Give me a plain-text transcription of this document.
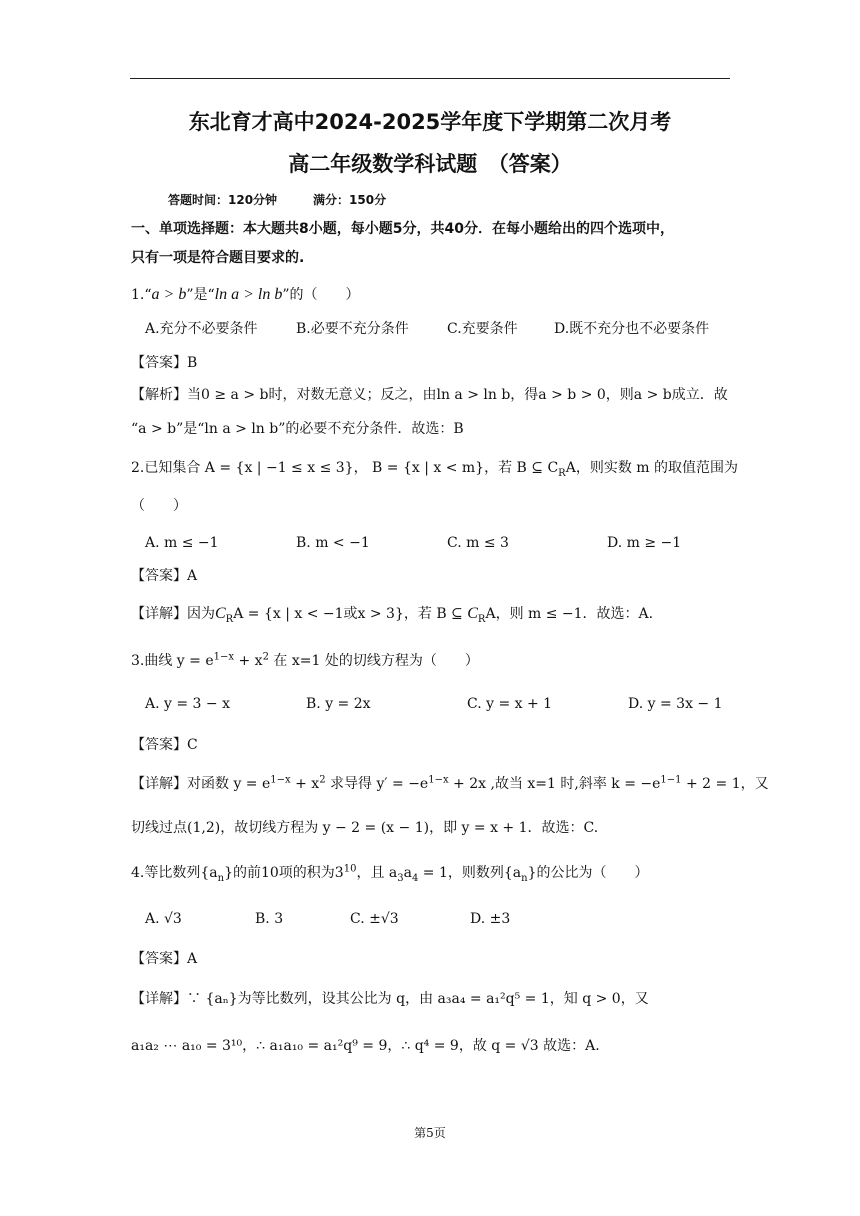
东北育才高中2024-2025学年度下学期第二次月考
高二年级数学科试题　（答案）
答题时间：120分钟　　　满分：150分
一、单项选择题：本大题共8小题，每小题5分，共40分．在每小题给出的四个选项中，
只有一项是符合题目要求的.
1.“a > b”是“ln a > ln b”的（　　）
A.充分不必要条件	B.必要不充分条件	C.充要条件	D.既不充分也不必要条件
【答案】B
【解析】当0 ≥ a > b时，对数无意义；反之，由ln a > ln b，得a > b > 0，则a > b成立．故
“a > b”是“ln a > ln b”的必要不充分条件．故选：B
2.已知集合 A = {x | −1 ≤ x ≤ 3}， B = {x | x < m}，若 B ⊆ $C_RA$，则实数 m 的取值范围为
（　　）
A. m ≤ −1	B. m < −1	C. m ≤ 3	D. m ≥ −1
【答案】A
【详解】因为$C_RA = \{x$ | x < −1或x > 3}，若 B ⊆ $C_RA$，则 m ≤ −1．故选：A.
3.曲线 $y = e^{1-x} + x^2$ 在 x=1 处的切线方程为（　　）
A. y = 3 − x	B. y = 2x	C. y = x + 1	D. y = 3x − 1
【答案】C
【详解】对函数 $y = e^{1-x} + x^2$ 求导得 $y' = -e^{1-x} + 2x$ ,故当 x=1 时,斜率 $k = -e^{1-1} + 2 = 1$，又
切线过点(1,2)，故切线方程为 y − 2 = (x − 1)，即 y = x + 1．故选：C.
4.等比数列$\{a_n\}$的前10项的积为$3^{10}$，且 $a_3a_4 = 1$，则数列$\{a_n\}$的公比为（　　）
A. √3	B. 3	C. ±√3	D. ±3
【答案】A
【详解】∵ {aₙ}为等比数列，设其公比为 q，由 a₃a₄ = a₁²q⁵ = 1，知 q > 0，又
a₁a₂ ⋯ a₁₀ = 3¹⁰，∴ a₁a₁₀ = a₁²q⁹ = 9，∴ q⁴ = 9，故 q = √3 故选：A.
第5页
